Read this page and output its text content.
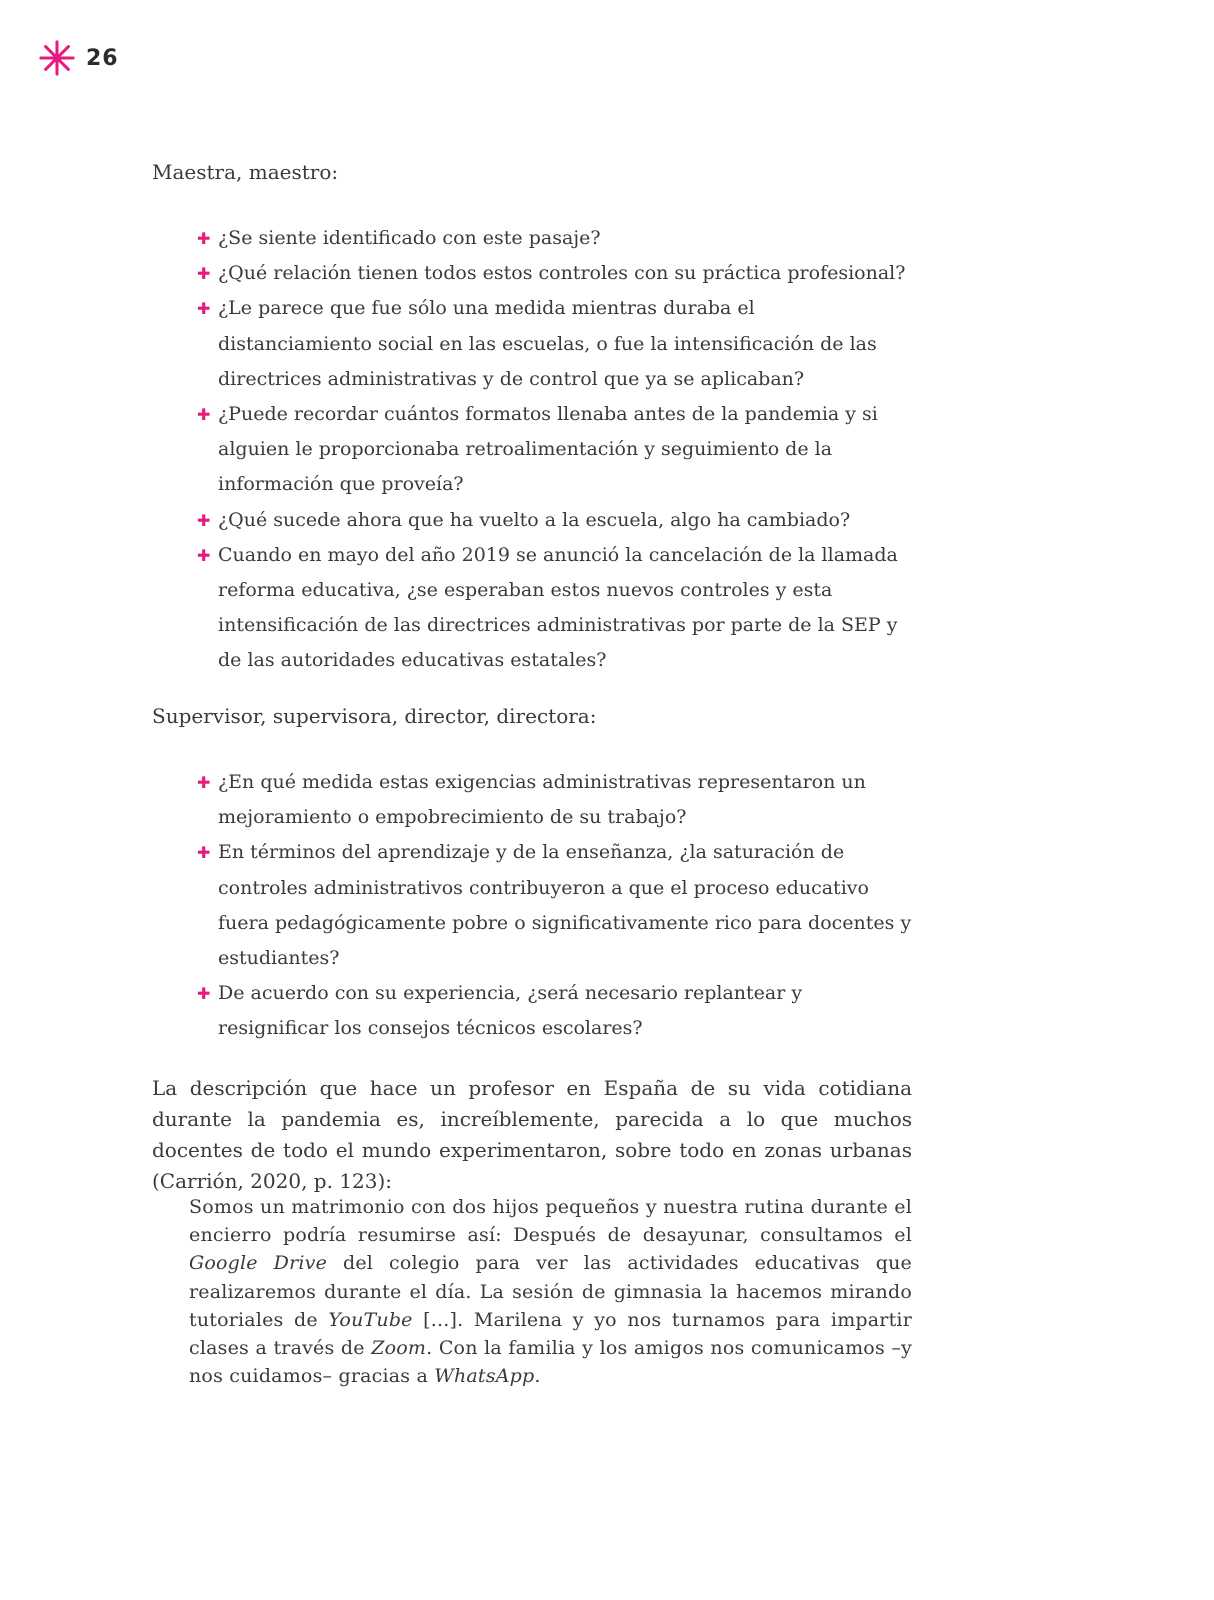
26
Maestra, maestro:
✚ ¿Se siente identificado con este pasaje?
✚ ¿Qué relación tienen todos estos controles con su práctica profesional?
✚ ¿Le parece que fue sólo una medida mientras duraba el distanciamiento social en las escuelas, o fue la intensificación de las directrices administrativas y de control que ya se aplicaban?
✚ ¿Puede recordar cuántos formatos llenaba antes de la pandemia y si alguien le proporcionaba retroalimentación y seguimiento de la información que proveía?
✚ ¿Qué sucede ahora que ha vuelto a la escuela, algo ha cambiado?
✚ Cuando en mayo del año 2019 se anunció la cancelación de la llamada reforma educativa, ¿se esperaban estos nuevos controles y esta intensificación de las directrices administrativas por parte de la SEP y de las autoridades educativas estatales?
Supervisor, supervisora, director, directora:
✚ ¿En qué medida estas exigencias administrativas representaron un mejoramiento o empobrecimiento de su trabajo?
✚ En términos del aprendizaje y de la enseñanza, ¿la saturación de controles administrativos contribuyeron a que el proceso educativo fuera pedagógicamente pobre o significativamente rico para docentes y estudiantes?
✚ De acuerdo con su experiencia, ¿será necesario replantear y resignificar los consejos técnicos escolares?

La descripción que hace un profesor en España de su vida cotidiana durante la pandemia es, increíblemente, parecida a lo que muchos docentes de todo el mundo experimentaron, sobre todo en zonas urbanas (Carrión, 2020, p. 123):

Somos un matrimonio con dos hijos pequeños y nuestra rutina durante el encierro podría resumirse así: Después de desayunar, consultamos el Google Drive del colegio para ver las actividades educativas que realizaremos durante el día. La sesión de gimnasia la hacemos mirando tutoriales de YouTube [...]. Marilena y yo nos turnamos para impartir clases a través de Zoom. Con la familia y los amigos nos comunicamos –y nos cuidamos– gracias a WhatsApp.
